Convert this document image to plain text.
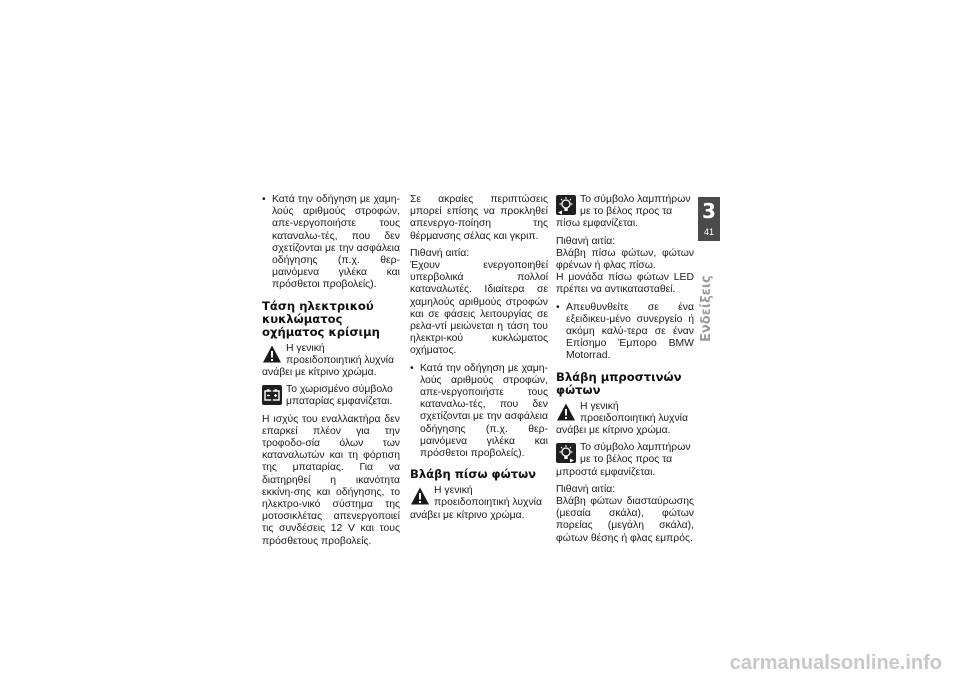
• Κατά την οδήγηση με χαμη-λούς αριθμούς στροφών, απε-νεργοποιήστε τους καταναλω-τές, που δεν σχετίζονται με την ασφάλεια οδήγησης (π.χ. θερ-μαινόμενα γιλέκα και πρόσθετοι προβολείς).

Τάση ηλεκτρικού κυκλώματος οχήματος κρίσιμη
Η γενική προειδοποιητική λυχνία ανάβει με κίτρινο χρώμα.
Το χωρισμένο σύμβολο μπαταρίας εμφανίζεται.

Η ισχύς του εναλλακτήρα δεν επαρκεί πλέον για την τροφοδο-σία όλων των καταναλωτών και τη φόρτιση της μπαταρίας. Για να διατηρηθεί η ικανότητα εκκίνη-σης και οδήγησης, το ηλεκτρο-νικό σύστημα της μοτοσικλέτας απενεργοποιεί τις συνδέσεις 12 V και τους πρόσθετους προβολείς.

Σε ακραίες περιπτώσεις μπορεί επίσης να προκληθεί απενεργο-ποίηση της θέρμανσης σέλας και γκριπ.

Πιθανή αιτία:

Έχουν ενεργοποιηθεί υπερβολικά πολλοί καταναλωτές. Ιδιαίτερα σε χαμηλούς αριθμούς στροφών και σε φάσεις λειτουργίας σε ρελα-ντί μειώνεται η τάση του ηλεκτρι-κού κυκλώματος οχήματος.

• Κατά την οδήγηση με χαμη-λούς αριθμούς στροφών, απε-νεργοποιήστε τους καταναλω-τές, που δεν σχετίζονται με την ασφάλεια οδήγησης (π.χ. θερ-μαινόμενα γιλέκα και πρόσθετοι προβολείς).

Βλάβη πίσω φώτων
Η γενική προειδοποιητική λυχνία ανάβει με κίτρινο χρώμα.
Το σύμβολο λαμπτήρων με το βέλος προς τα πίσω εμφανίζεται.

Πιθανή αιτία:

Βλάβη πίσω φώτων, φώτων φρένων ή φλας πίσω.

Η μονάδα πίσω φώτων LED πρέπει να αντικατασταθεί.

• Απευθυνθείτε σε ένα εξειδικευ-μένο συνεργείο ή ακόμη καλύ-τερα σε έναν Επίσημο Έμπορο BMW Motorrad.

Βλάβη μπροστινών φώτων
Η γενική προειδοποιητική λυχνία ανάβει με κίτρινο χρώμα.
Το σύμβολο λαμπτήρων με το βέλος προς τα μπροστά εμφανίζεται.

Πιθανή αιτία:

Βλάβη φώτων διασταύρωσης (μεσαία σκάλα), φώτων πορείας (μεγάλη σκάλα), φώτων θέσης ή φλας εμπρός.

3
41
Ενδείξεις
carmanualsonline.info
